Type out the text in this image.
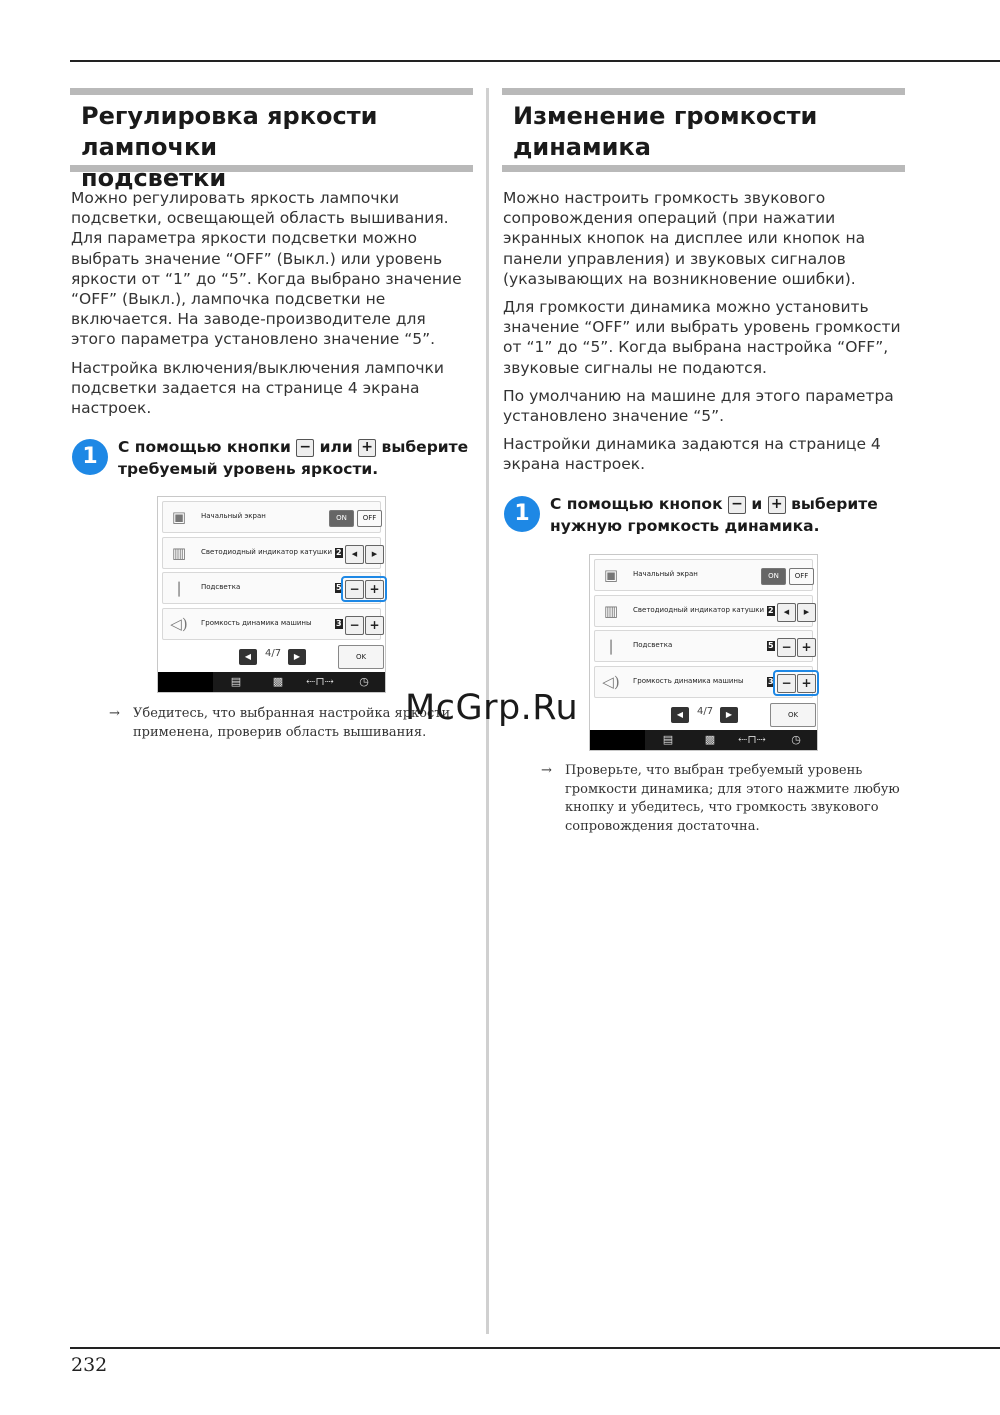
Регулировка яркости лампочки
подсветки

Можно регулировать яркость лампочки подсветки, освещающей область вышивания. Для параметра яркости подсветки можно выбрать значение “OFF” (Выкл.) или уровень яркости от “1” до “5”. Когда выбрано значение “OFF” (Выкл.), лампочка подсветки не включается. На заводе-производителе для этого параметра установлено значение “5”.

Настройка включения/выключения лампочки подсветки задается на странице 4 экрана настроек.

1	С помощью кнопки − или + выберите требуемый уровень яркости.
▣	Начальный экран	ON	OFF
▥	Светодиодный индикатор катушки 2	◀	▶
❘	Подсветка	5 − +
◁) Громкость динамика машины	3 − +
◀	4/7	▶	OK
▤	▩	⇠⊓⇢	◷
→ Убедитесь, что выбранная настройка яркости применена, проверив область вышивания.
Изменение громкости
динамика

Можно настроить громкость звукового сопровождения операций (при нажатии экранных кнопок на дисплее или кнопок на панели управления) и звуковых сигналов (указывающих на возникновение ошибки).

Для громкости динамика можно установить значение “OFF” или выбрать уровень громкости от “1” до “5”. Когда выбрана настройка “OFF”, звуковые сигналы не подаются.

По умолчанию на машине для этого параметра установлено значение “5”.

Настройки динамика задаются на странице 4 экрана настроек.

1	С помощью кнопок − и + выберите нужную громкость динамика.
▣	Начальный экран	ON	OFF
▥	Светодиодный индикатор катушки 2	◀	▶
❘	Подсветка	5 − +
◁) Громкость динамика машины	3 − +
◀	4/7	▶	OK
▤	▩	⇠⊓⇢	◷
→ Проверьте, что выбран требуемый уровень громкости динамика; для этого нажмите любую кнопку и убедитесь, что громкость звукового сопровождения достаточна.
McGrp.Ru
232
